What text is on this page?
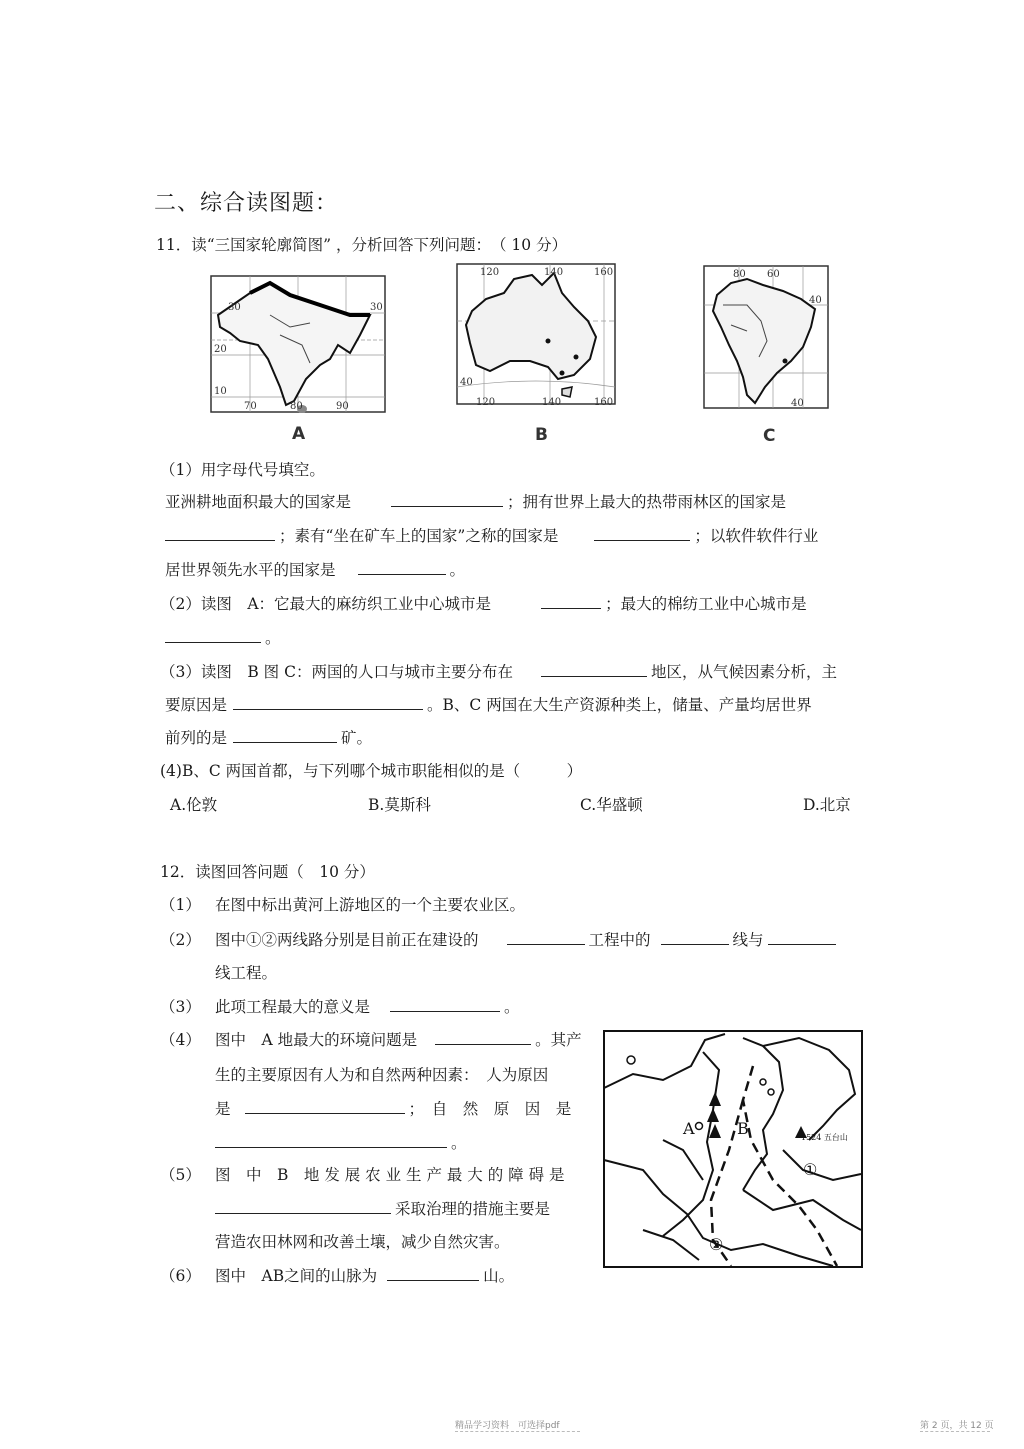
二、综合读图题：
11．读“三国家轮廓简图” ，分析回答下列问题：　（ 10 分）
30
20
10
70	80	90
30
A
120	140	160
40
120	140	160
B
80 60
40
40
C
（1）用字母代号填空。
亚洲耕地面积最大的国家是	；拥有世界上最大的热带雨林区的国家是
；素有“坐在矿车上的国家”之称的国家是	；以软件软件行业
居世界领先水平的国家是	。
（2）读图　A：它最大的麻纺织工业中心城市是	；最大的棉纺工业中心城市是
。
（3）读图　B 图 C：两国的人口与城市主要分布在	地区，从气候因素分析，主
要原因是	。B、C 两国在大生产资源种类上，储量、产量均居世界
前列的是	矿。
(4)B、C 两国首都，与下列哪个城市职能相似的是（　　　）
A.伦敦	B.莫斯科	C.华盛顿	D.北京
12．读图回答问题（　10 分）
（1） 在图中标出黄河上游地区的一个主要农业区。
（2） 图中①②两线路分别是目前正在建设的	工程中的	线与
线工程。
（3） 此项工程最大的意义是	。
（4） 图中　A 地最大的环境问题是	。其产
生的主要原因有人为和自然两种因素：　人为原因
是	；　自　然　原　因　是
。
（5） 图　中　B　地 发 展 农 业 生 产 最 大 的 障 碍 是
采取治理的措施主要是
营造农田林网和改善土壤，减少自然灾害。
（6） 图中　AB之间的山脉为	山。
A	B
①
②
1524 五台山
精品学习资料　可选择pdf	第 2 页，共 12 页
